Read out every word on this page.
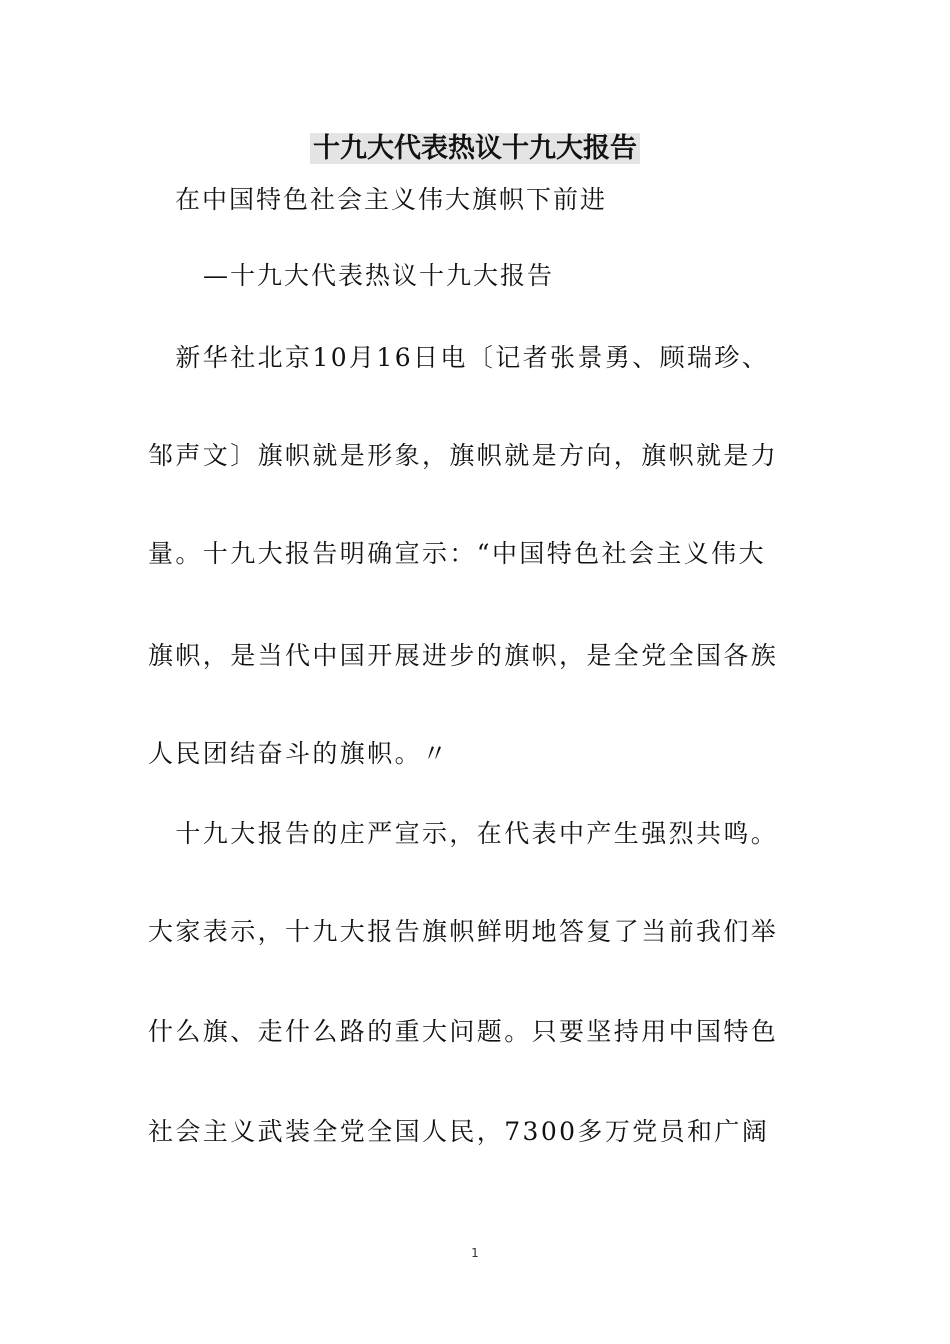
十九大代表热议十九大报告
在中国特色社会主义伟大旗帜下前进
—十九大代表热议十九大报告
　新华社北京10月16日电〔记者张景勇、顾瑞珍、
邹声文〕旗帜就是形象，旗帜就是方向，旗帜就是力
量。十九大报告明确宣示：“中国特色社会主义伟大
旗帜，是当代中国开展进步的旗帜，是全党全国各族
人民团结奋斗的旗帜。〃
　十九大报告的庄严宣示，在代表中产生强烈共鸣。
大家表示，十九大报告旗帜鲜明地答复了当前我们举
什么旗、走什么路的重大问题。只要坚持用中国特色
社会主义武装全党全国人民，7300多万党员和广阔
1
